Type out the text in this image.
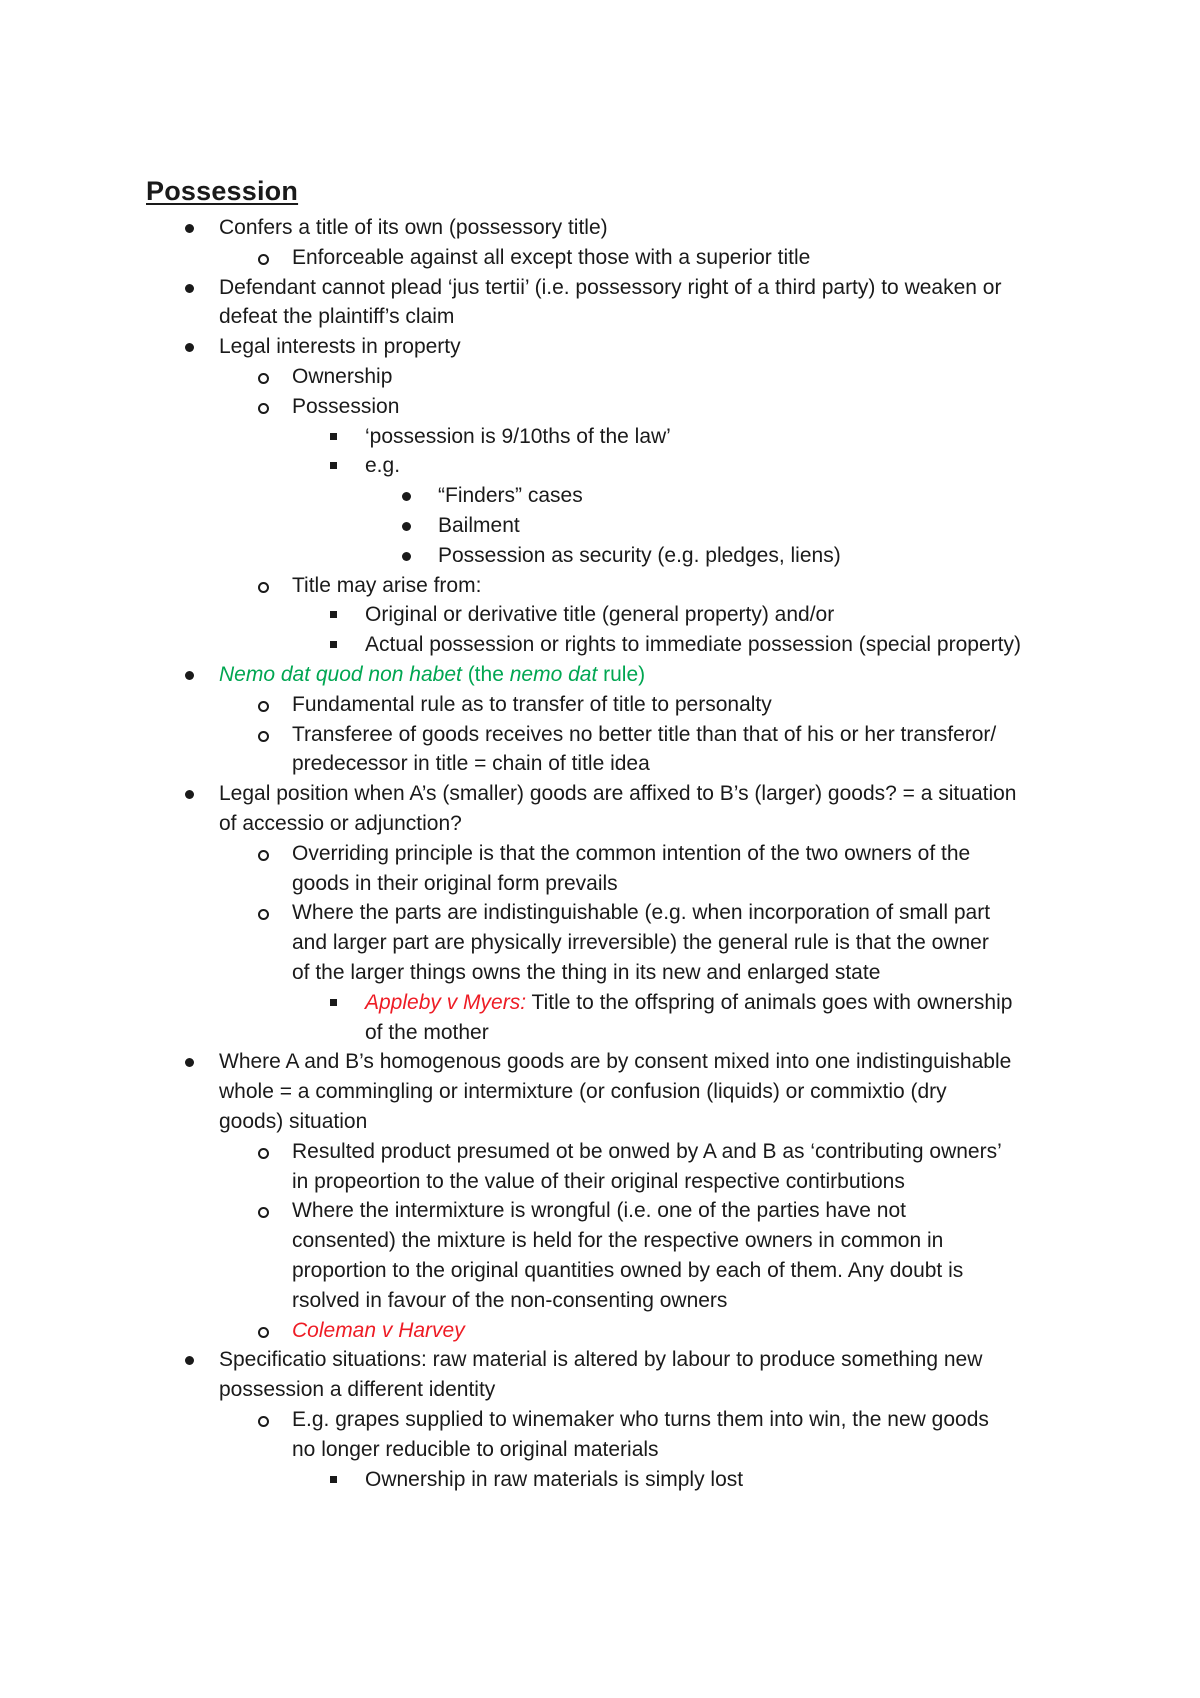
Possession
Confers a title of its own (possessory title)
Enforceable against all except those with a superior title
Defendant cannot plead ‘jus tertii’ (i.e. possessory right of a third party) to weaken or
defeat the plaintiff’s claim
Legal interests in property
Ownership
Possession
‘possession is 9/10ths of the law’
e.g.
“Finders” cases
Bailment
Possession as security (e.g. pledges, liens)
Title may arise from:
Original or derivative title (general property) and/or
Actual possession or rights to immediate possession (special property)
Nemo dat quod non habet (the nemo dat rule)
Fundamental rule as to transfer of title to personalty
Transferee of goods receives no better title than that of his or her transferor/
predecessor in title = chain of title idea
Legal position when A’s (smaller) goods are affixed to B’s (larger) goods? = a situation
of accessio or adjunction?
Overriding principle is that the common intention of the two owners of the
goods in their original form prevails
Where the parts are indistinguishable (e.g. when incorporation of small part
and larger part are physically irreversible) the general rule is that the owner
of the larger things owns the thing in its new and enlarged state
Appleby v Myers: Title to the offspring of animals goes with ownership
of the mother
Where A and B’s homogenous goods are by consent mixed into one indistinguishable
whole = a commingling or intermixture (or confusion (liquids) or commixtio (dry
goods) situation
Resulted product presumed ot be onwed by A and B as ‘contributing owners’
in propeortion to the value of their original respective contirbutions
Where the intermixture is wrongful (i.e. one of the parties have not
consented) the mixture is held for the respective owners in common in
proportion to the original quantities owned by each of them. Any doubt is
rsolved in favour of the non-consenting owners
Coleman v Harvey
Specificatio situations: raw material is altered by labour to produce something new
possession a different identity
E.g. grapes supplied to winemaker who turns them into win, the new goods
no longer reducible to original materials
Ownership in raw materials is simply lost
